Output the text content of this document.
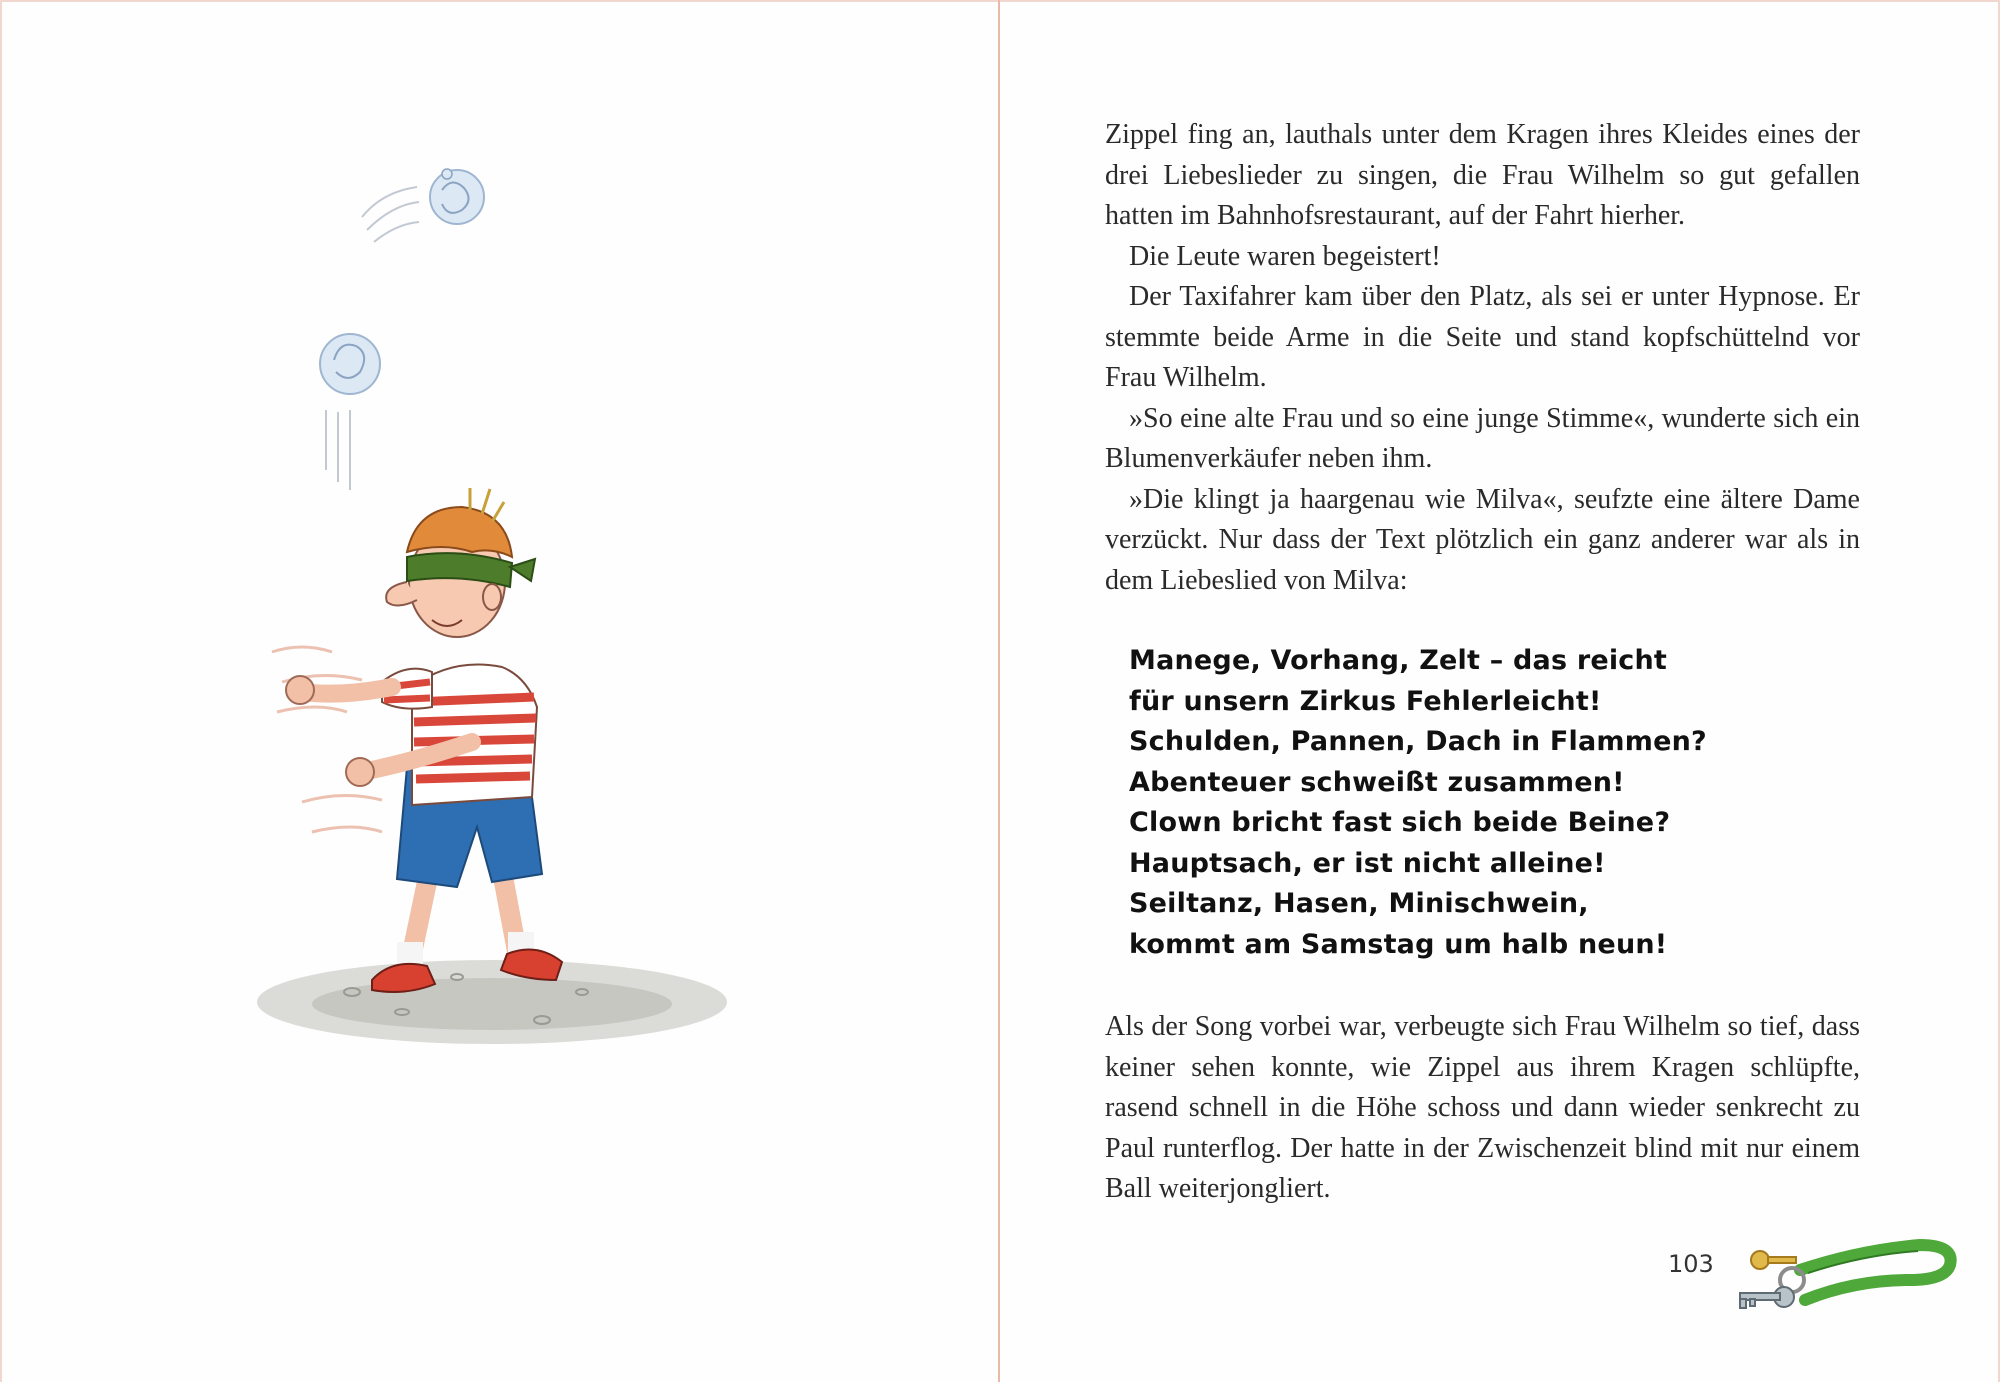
Zippel fing an, lauthals unter dem Kragen ihres Kleides eines der drei Liebeslieder zu singen, die Frau Wilhelm so gut gefallen hatten im Bahnhofsrestaurant, auf der Fahrt hierher.

Die Leute waren begeistert!

Der Taxifahrer kam über den Platz, als sei er unter Hypnose. Er stemmte beide Arme in die Seite und stand kopfschüttelnd vor Frau Wilhelm.

»So eine alte Frau und so eine junge Stimme«, wunderte sich ein Blumenverkäufer neben ihm.

»Die klingt ja haargenau wie Milva«, seufzte eine ältere Dame verzückt. Nur dass der Text plötzlich ein ganz anderer war als in dem Liebeslied von Milva:

Manege, Vorhang, Zelt – das reicht
für unsern Zirkus Fehlerleicht!
Schulden, Pannen, Dach in Flammen?
Abenteuer schweißt zusammen!
Clown bricht fast sich beide Beine?
Hauptsach, er ist nicht alleine!
Seiltanz, Hasen, Minischwein,
kommt am Samstag um halb neun!

Als der Song vorbei war, verbeugte sich Frau Wilhelm so tief, dass keiner sehen konnte, wie Zippel aus ihrem Kragen schlüpfte, rasend schnell in die Höhe schoss und dann wieder senkrecht zu Paul runterflog. Der hatte in der Zwischenzeit blind mit nur einem Ball weiterjongliert.

103
